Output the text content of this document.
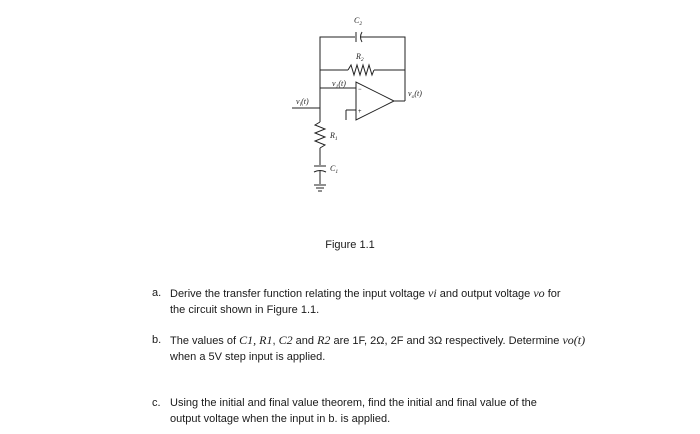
$C_2$
$R_2$
$v_1(t)$
$v_i(t)$
$v_o(t)$
$R_1$
$C_1$
−
+
Figure 1.1
a. Derive the transfer function relating the input voltage vi and output voltage vo for
the circuit shown in Figure 1.1.
b. The values of C1, R1, C2 and R2 are 1F, 2Ω, 2F and 3Ω respectively. Determine vo(t)
when a 5V step input is applied.
c. Using the initial and final value theorem, find the initial and final value of the
output voltage when the input in b. is applied.
